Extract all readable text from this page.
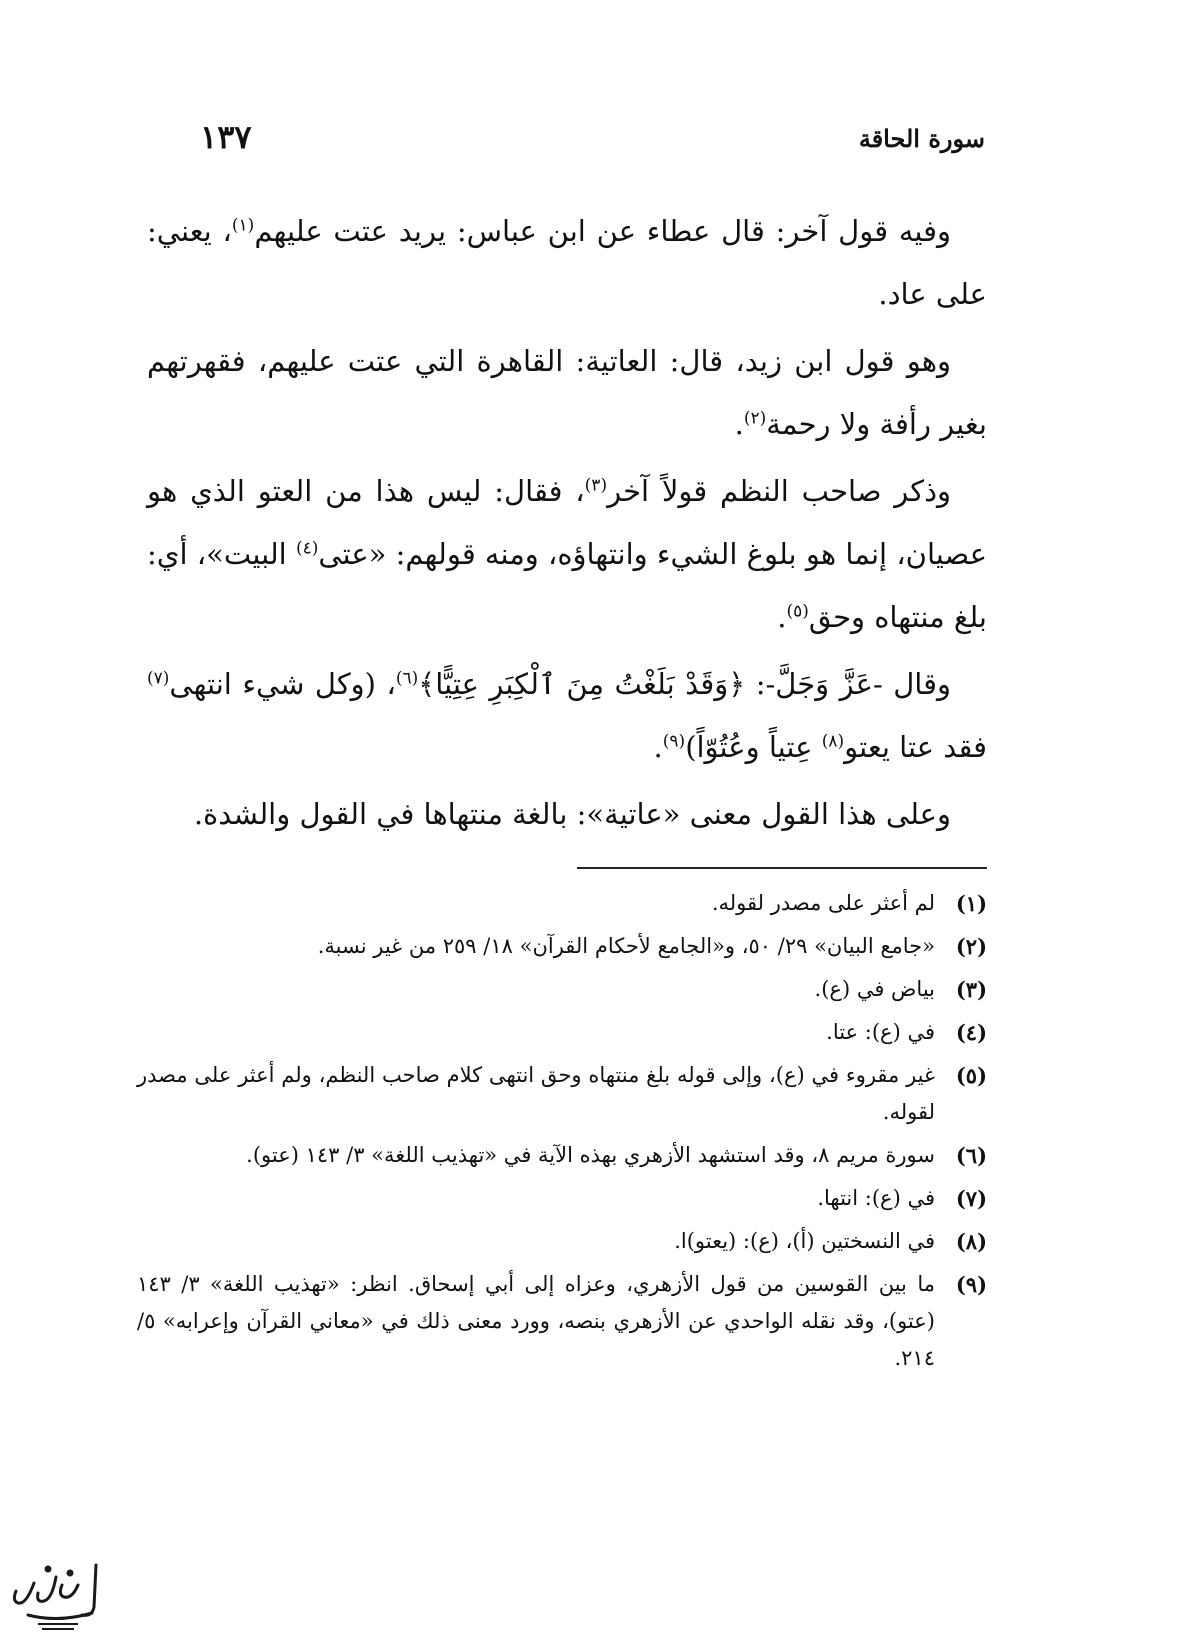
سورة الحاقة
١٣٧

وفيه قول آخر: قال عطاء عن ابن عباس: يريد عتت عليهم$^{(١)}$، يعني: على عاد.

وهو قول ابن زيد، قال: العاتية: القاهرة التي عتت عليهم، فقهرتهم بغير رأفة ولا رحمة$^{(٢)}$.

وذكر صاحب النظم قولاً آخر$^{(٣)}$، فقال: ليس هذا من العتو الذي هو عصيان، إنما هو بلوغ الشيء وانتهاؤه، ومنه قولهم: «عتى$^{(٤)}$ البيت»، أي: بلغ منتهاه وحق$^{(٥)}$.

وقال -عَزَّ وَجَلَّ-: ﴿وَقَدْ بَلَغْتُ مِنَ ٱلْكِبَرِ عِتِيًّا﴾$^{(٦)}$، (وكل شيء انتهى$^{(٧)}$ فقد عتا يعتو$^{(٨)}$ عِتياً وعُتُوّاً)$^{(٩)}$.

وعلى هذا القول معنى «عاتية»: بالغة منتهاها في القول والشدة.

(١)
لم أعثر على مصدر لقوله.
(٢)
«جامع البيان» ٢٩/ ٥٠، و«الجامع لأحكام القرآن» ١٨/ ٢٥٩ من غير نسبة.
(٣)
بياض في (ع).
(٤)
في (ع): عتا.
(٥)
غير مقروء في (ع)، وإلى قوله بلغ منتهاه وحق انتهى كلام صاحب النظم، ولم أعثر على مصدر لقوله.
(٦)
سورة مريم ٨، وقد استشهد الأزهري بهذه الآية في «تهذيب اللغة» ٣/ ١٤٣ (عتو).
(٧)
في (ع): انتها.
(٨)
في النسختين (أ)، (ع): (يعتو)ا.
(٩)
ما بين القوسين من قول الأزهري، وعزاه إلى أبي إسحاق. انظر: «تهذيب اللغة» ٣/ ١٤٣ (عتو)، وقد نقله الواحدي عن الأزهري بنصه، وورد معنى ذلك في «معاني القرآن وإعرابه» ٥/ ٢١٤.
